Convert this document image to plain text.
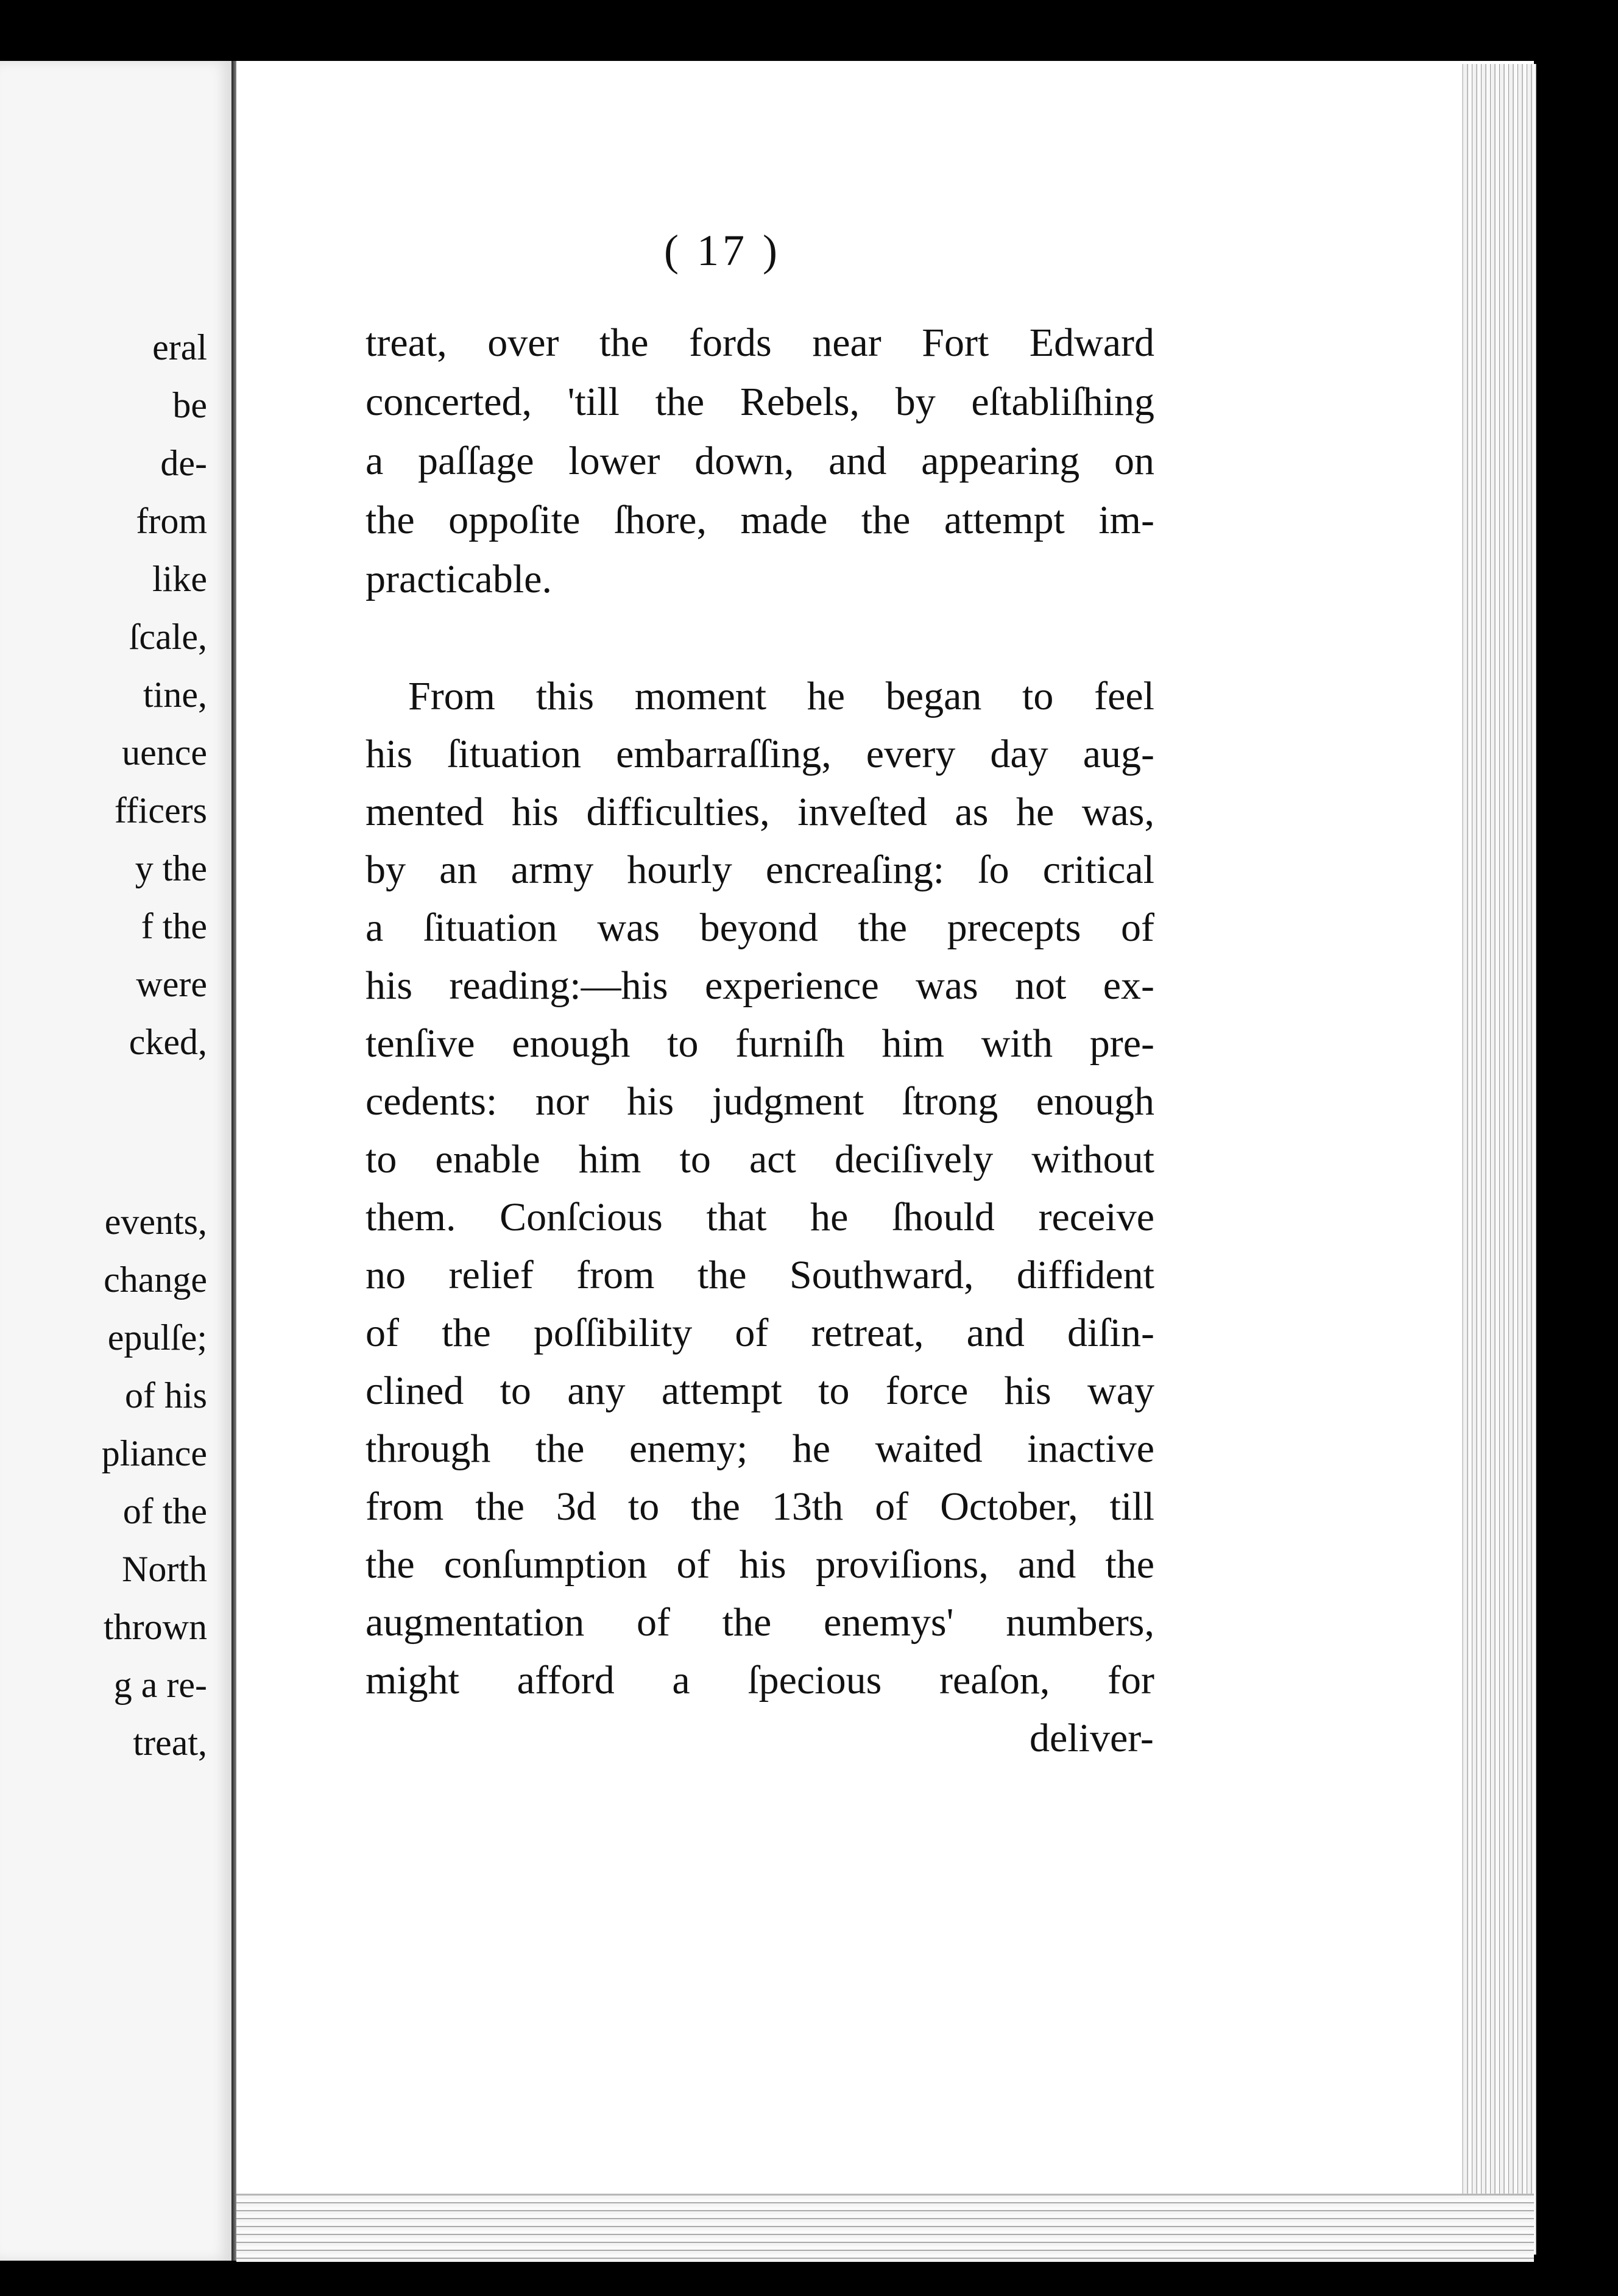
eral
be
de-
from
like
ſcale,
tine,
uence
fficers
y the
f the
were
cked,
events,
change
epulſe;
of his
pliance
of the
North
thrown
g a re-
treat,
( 17 )
treat, over the fords near Fort Edward
concerted, 'till the Rebels, by eſtabliſhing
a paſſage lower down, and appearing on
the oppoſite ſhore, made the attempt im-
practicable.
From this moment he began to feel
his ſituation embarraſſing, every day aug-
mented his difficulties, inveſted as he was,
by an army hourly encreaſing: ſo critical
a ſituation was beyond the precepts of
his reading:—his experience was not ex-
tenſive enough to furniſh him with pre-
cedents: nor his judgment ſtrong enough
to enable him to act deciſively without
them. Conſcious that he ſhould receive
no relief from the Southward, diffident
of the poſſibility of retreat, and diſin-
clined to any attempt to force his way
through the enemy; he waited inactive
from the 3d to the 13th of October, till
the conſumption of his proviſions, and the
augmentation of the enemys' numbers,
might afford a ſpecious reaſon, for
deliver-
